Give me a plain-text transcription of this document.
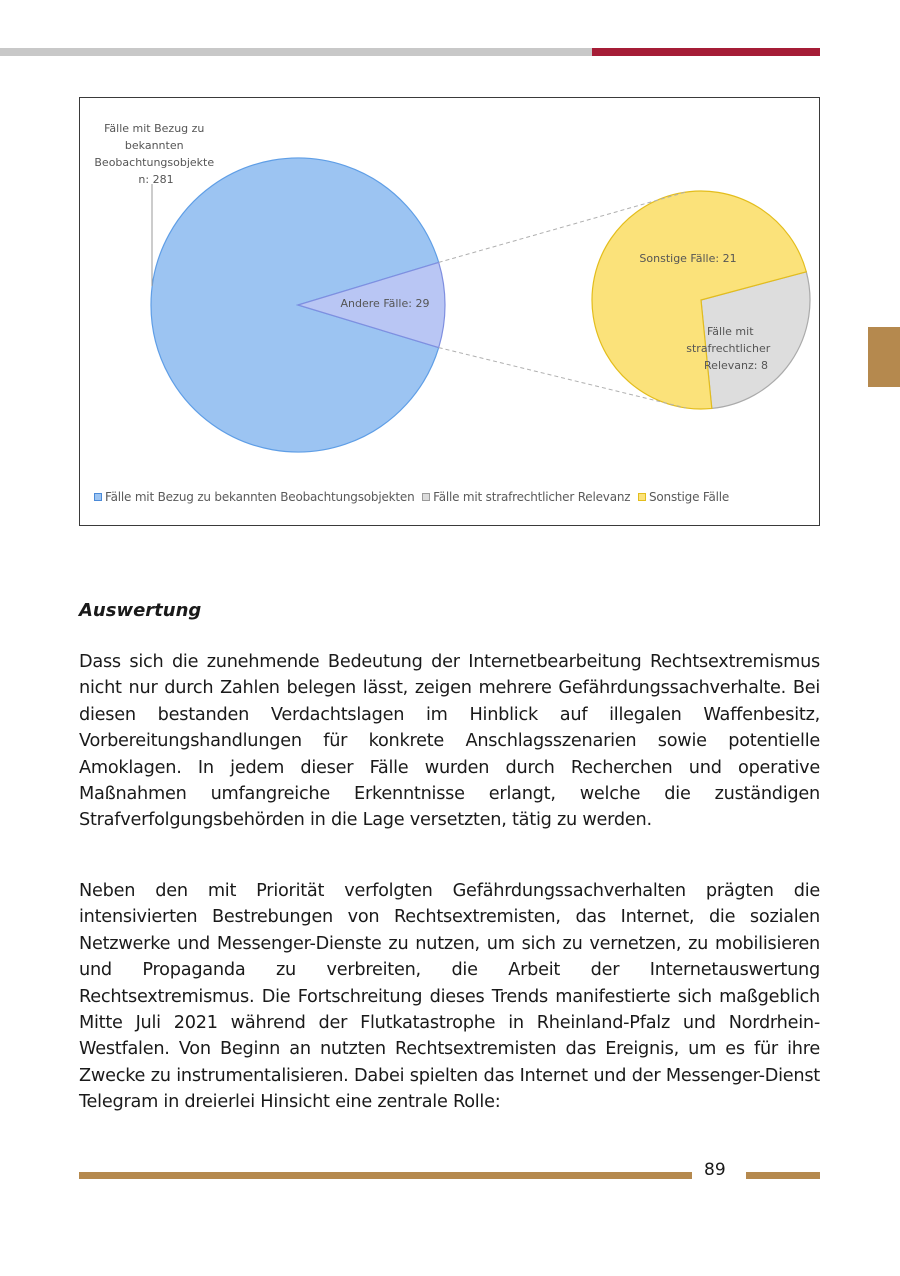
Fälle mit Bezug zu bekannten Beobachtungsobjekte n: 281
Andere Fälle: 29
Sonstige Fälle: 21
Fälle mit strafrechtlicher Relevanz: 8
Fälle mit Bezug zu bekannten Beobachtungsobjekten
Fälle mit strafrechtlicher Relevanz
Sonstige Fälle
Auswertung

Dass sich die zunehmende Bedeutung der Internetbearbeitung Rechtsextremismus nicht nur durch Zahlen belegen lässt, zeigen mehrere Gefährdungssachverhalte. Bei diesen bestanden Verdachtslagen im Hinblick auf illegalen Waffenbesitz, Vorbereitungshandlungen für konkrete Anschlagsszenarien sowie potentielle Amoklagen. In jedem dieser Fälle wurden durch Recherchen und operative Maßnahmen umfangreiche Erkenntnisse erlangt, welche die zuständigen Strafverfolgungsbehörden in die Lage versetzten, tätig zu werden.

Neben den mit Priorität verfolgten Gefährdungssachverhalten prägten die intensivierten Bestrebungen von Rechtsextremisten, das Internet, die sozialen Netzwerke und Messenger-Dienste zu nutzen, um sich zu vernetzen, zu mobilisieren und Propaganda zu verbreiten, die Arbeit der Internetauswertung Rechtsextremismus. Die Fortschreitung dieses Trends manifestierte sich maßgeblich Mitte Juli 2021 während der Flutkatastrophe in Rheinland-Pfalz und Nordrhein-Westfalen. Von Beginn an nutzten Rechtsextremisten das Ereignis, um es für ihre Zwecke zu instrumentalisieren. Dabei spielten das Internet und der Messenger-Dienst Telegram in dreierlei Hinsicht eine zentrale Rolle:

89
